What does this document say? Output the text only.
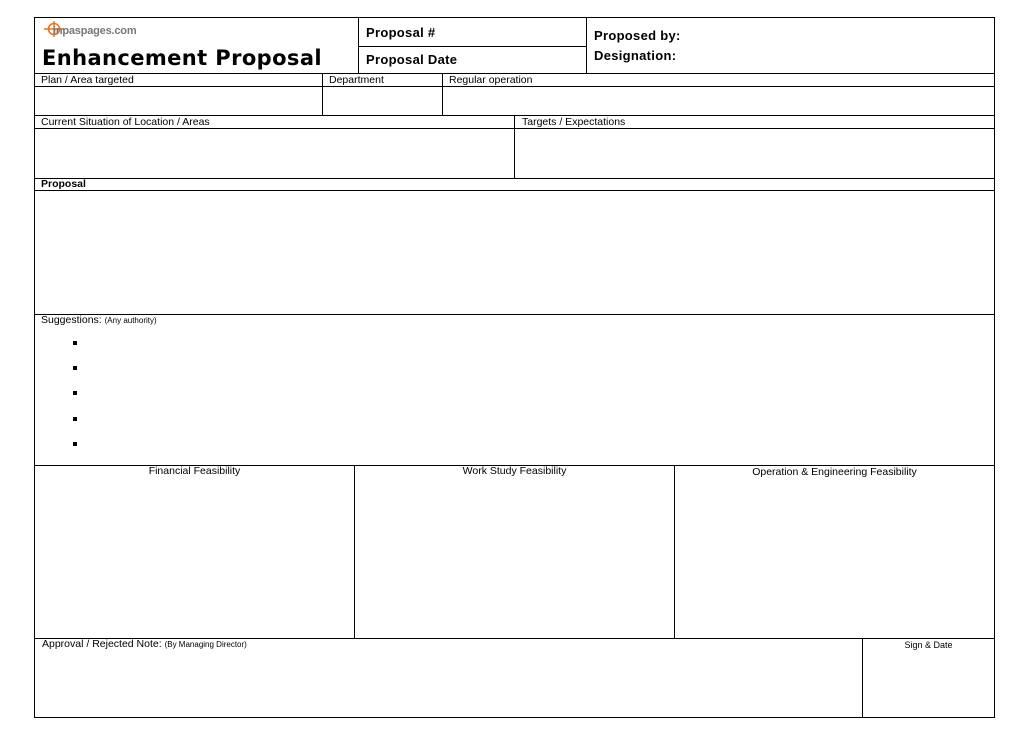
inpaspages.com
Enhancement Proposal
Proposal #
Proposal Date
Proposed by:
Designation:
Plan / Area targeted	Department	Regular operation
Current Situation of Location / Areas	Targets / Expectations
Proposal
Suggestions: (Any authority)
Financial Feasibility	Work Study Feasibility	Operation & Engineering Feasibility
Approval / Rejected Note: (By Managing Director)	Sign & Date
